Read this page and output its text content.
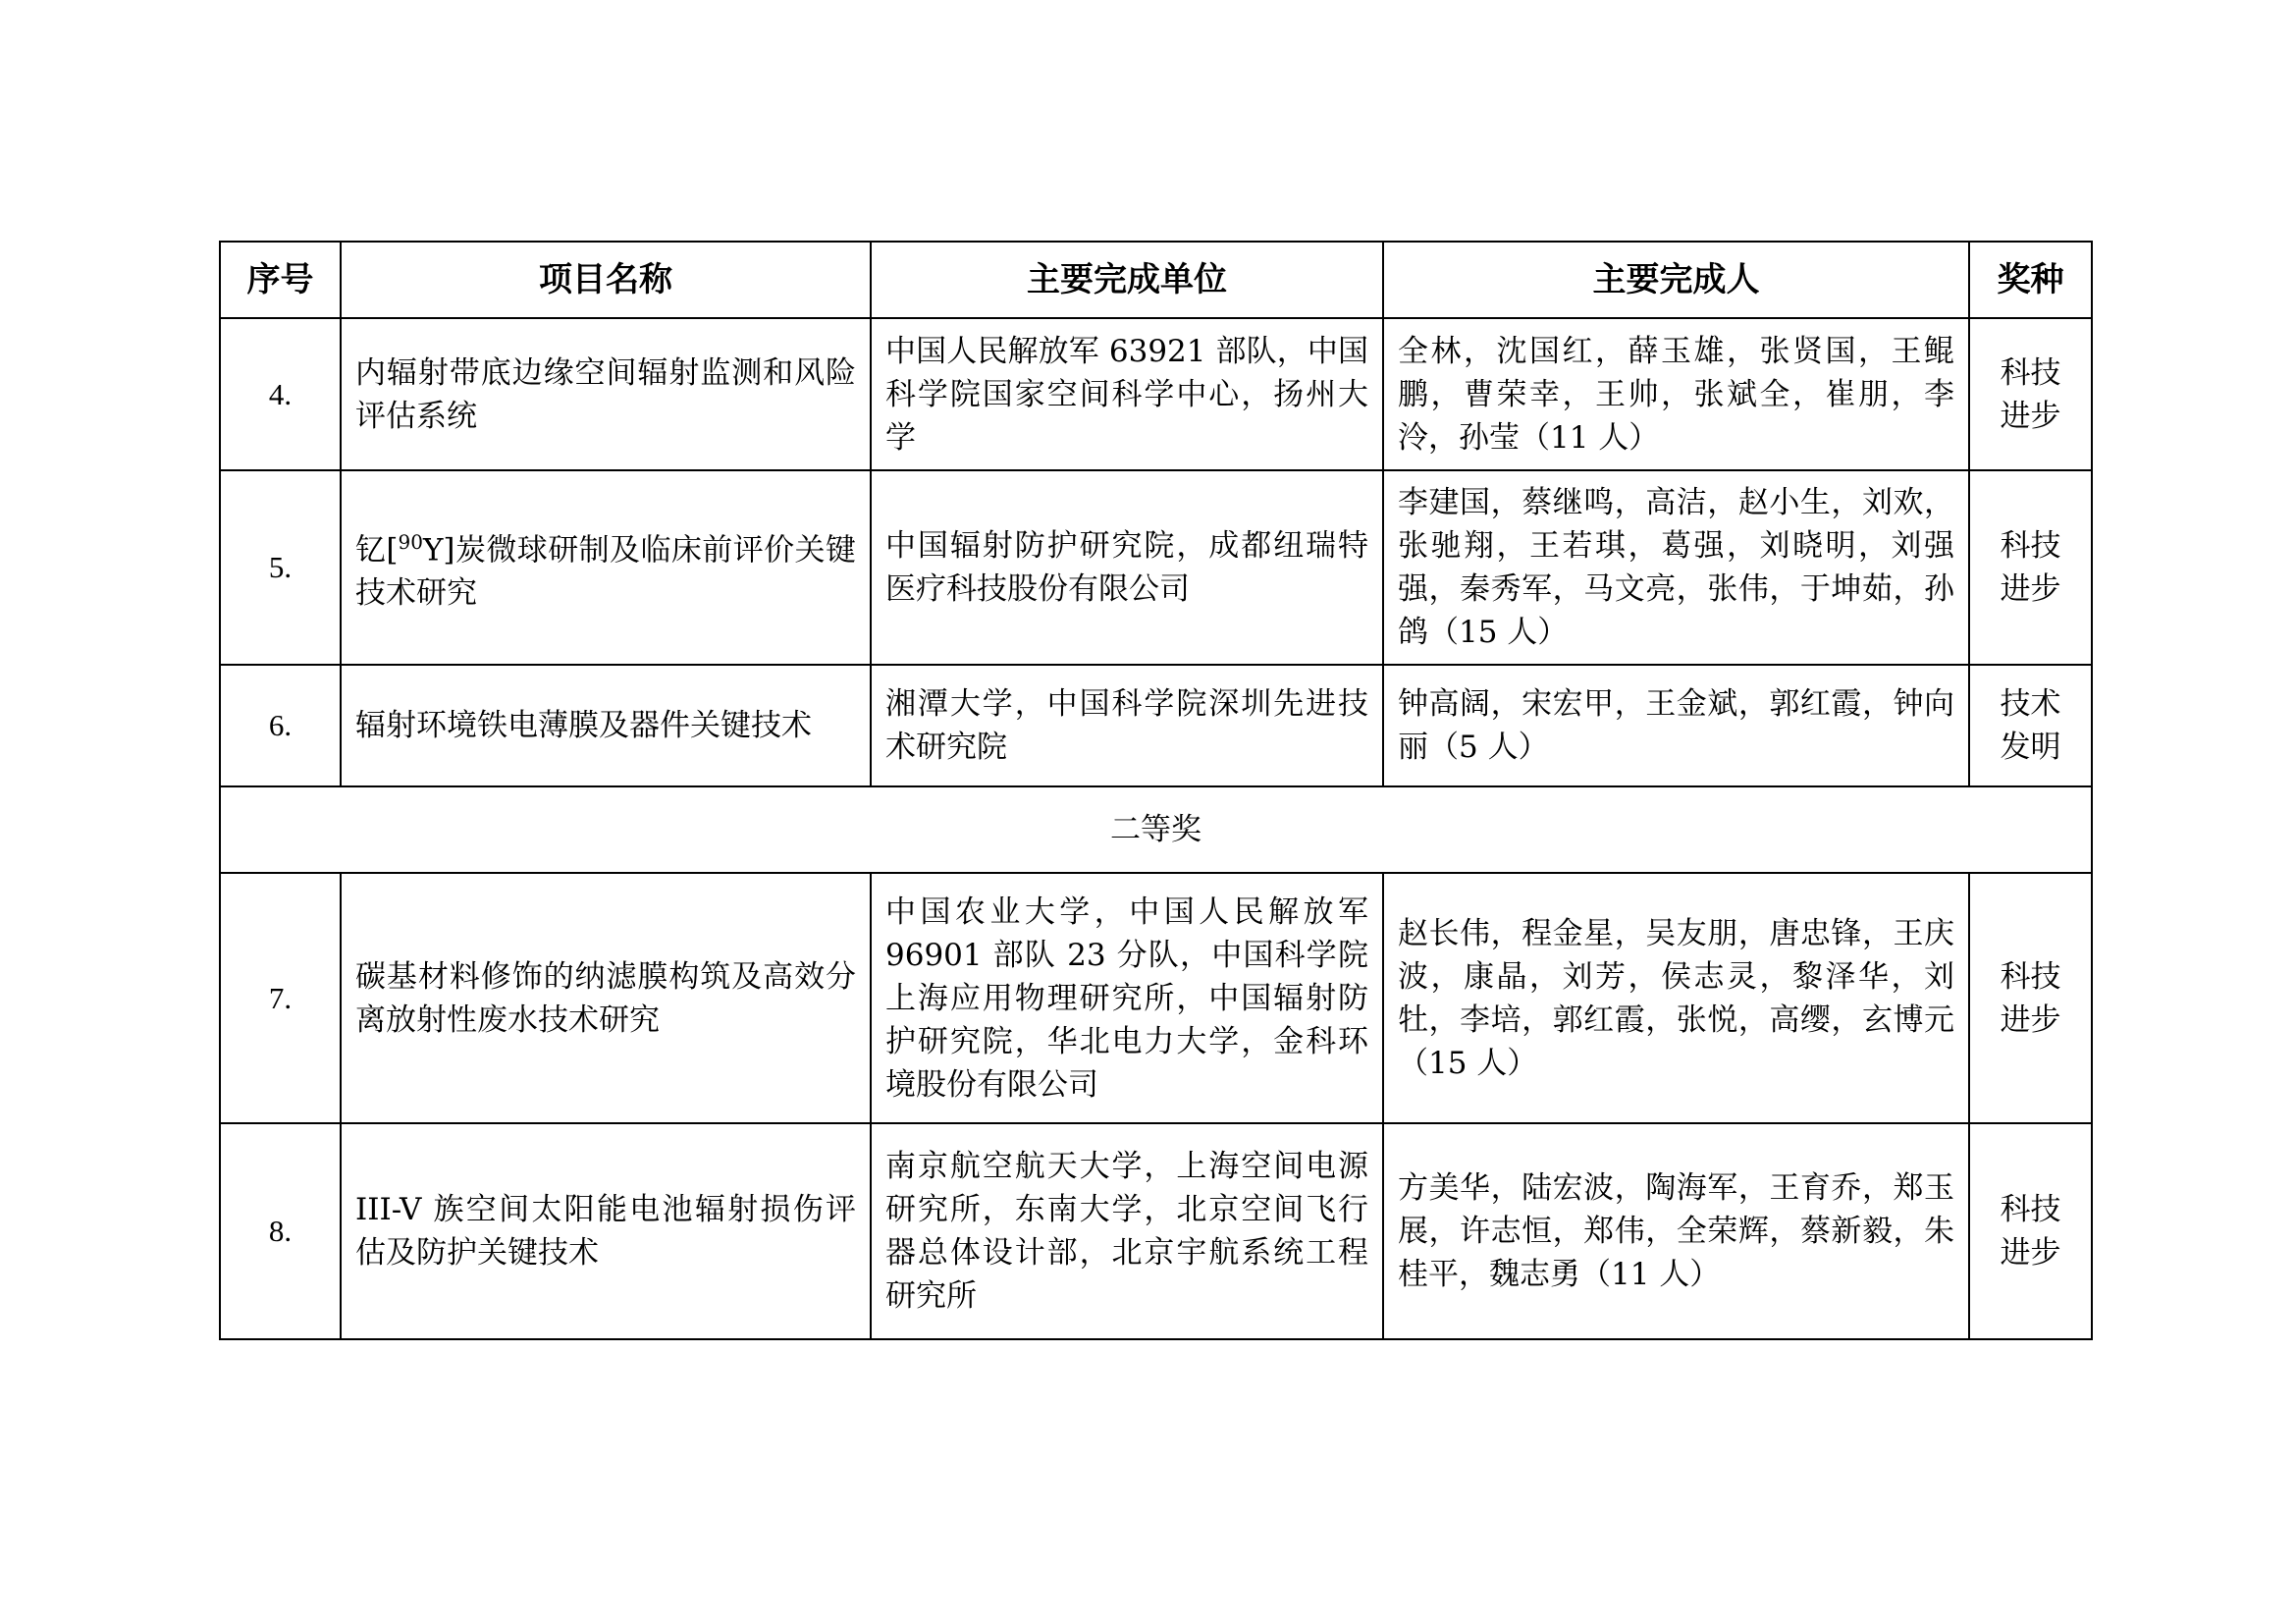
序号	项目名称	主要完成单位	主要完成人	奖种
4.	内辐射带底边缘空间辐射监测和风险评估系统	中国人民解放军 63921 部队，中国科学院国家空间科学中心，扬州大学	全林，沈国红，薛玉雄，张贤国，王鲲鹏，曹荣幸，王帅，张斌全，崔朋，李泠，孙莹（11 人）	科技
进步
5.	钇[$^{90}$Y]炭微球研制及临床前评价关键技术研究	中国辐射防护研究院，成都纽瑞特医疗科技股份有限公司	李建国，蔡继鸣，高洁，赵小生，刘欢，张驰翔，王若琪，葛强，刘晓明，刘强强，秦秀军，马文亮，张伟，于坤茹，孙鸽（15 人）	科技
进步
6.	辐射环境铁电薄膜及器件关键技术	湘潭大学，中国科学院深圳先进技术研究院	钟高阔，宋宏甲，王金斌，郭红霞，钟向丽（5 人）	技术
发明
二等奖				
7.	碳基材料修饰的纳滤膜构筑及高效分离放射性废水技术研究	中国农业大学，中国人民解放军 96901 部队 23 分队，中国科学院上海应用物理研究所，中国辐射防护研究院，华北电力大学，金科环境股份有限公司	赵长伟，程金星，吴友朋，唐忠锋，王庆波，康晶，刘芳，侯志灵，黎泽华，刘牡，李培，郭红霞，张悦，高缨，玄博元（15 人）	科技
进步
8.	III-V 族空间太阳能电池辐射损伤评估及防护关键技术	南京航空航天大学，上海空间电源研究所，东南大学，北京空间飞行器总体设计部，北京宇航系统工程研究所	方美华，陆宏波，陶海军，王育乔，郑玉展，许志恒，郑伟，全荣辉，蔡新毅，朱桂平，魏志勇（11 人）	科技
进步
